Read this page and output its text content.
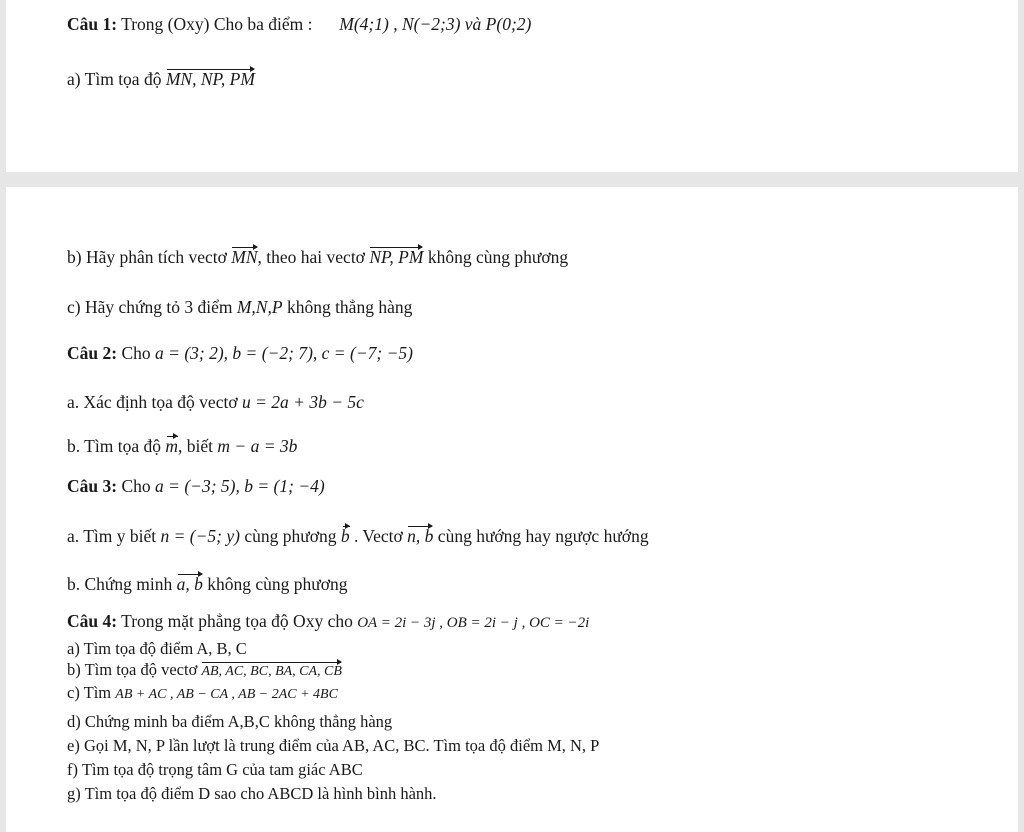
Câu 1: Trong (Oxy) Cho ba điểm : M(4;1) , N(−2;3) và P(0;2)
a) Tìm tọa độ MN, NP, PM
b) Hãy phân tích vectơ MN, theo hai vectơ NP, PM không cùng phương
c) Hãy chứng tỏ 3 điểm M,N,P không thẳng hàng
Câu 2: Cho a = (3; 2), b = (−2; 7), c = (−7; −5)
a. Xác định tọa độ vectơ u = 2a + 3b − 5c
b. Tìm tọa độ m, biết m − a = 3b
Câu 3: Cho a = (−3; 5), b = (1; −4)
a. Tìm y biết n = (−5; y) cùng phương b . Vectơ n, b cùng hướng hay ngược hướng
b. Chứng minh a, b không cùng phương
Câu 4: Trong mặt phẳng tọa độ Oxy cho OA = 2i − 3j , OB = 2i − j , OC = −2i
a) Tìm tọa độ điểm A, B, C
b) Tìm tọa độ vectơ AB, AC, BC, BA, CA, CB
c) Tìm AB + AC , AB − CA , AB − 2AC + 4BC
d) Chứng minh ba điểm A,B,C không thẳng hàng
e) Gọi M, N, P lần lượt là trung điểm của AB, AC, BC. Tìm tọa độ điểm M, N, P
f) Tìm tọa độ trọng tâm G của tam giác ABC
g) Tìm tọa độ điểm D sao cho ABCD là hình bình hành.
